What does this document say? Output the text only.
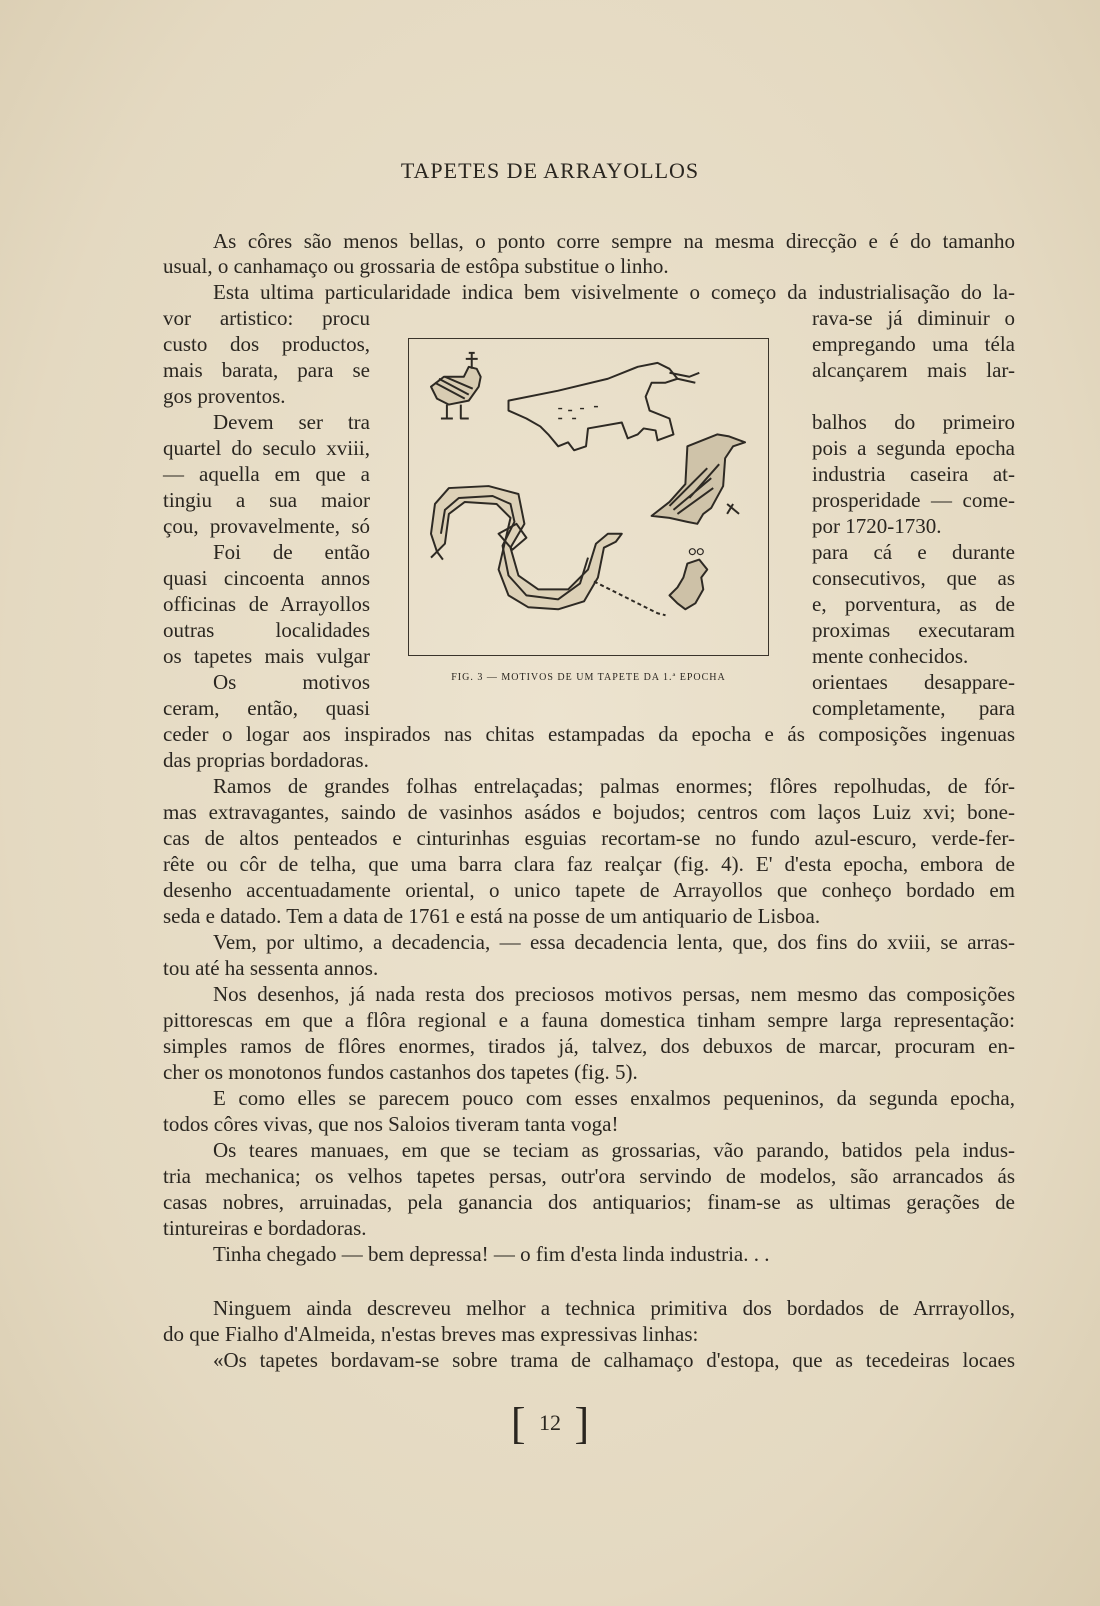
TAPETES DE ARRAYOLLOS
As côres são menos bellas, o ponto corre sempre na mesma direcção e é do tamanho
usual, o canhamaço ou grossaria de estôpa substitue o linho.
Esta ultima particularidade indica bem visivelmente o começo da industrialisação do la-
vor artistico: procu
custo dos productos,
mais barata, para se
gos proventos.
Devem ser tra
quartel do seculo xviii,
— aquella em que a
tingiu a sua maior
çou, provavelmente, só
Foi de então
quasi cincoenta annos
officinas de Arrayollos
outras localidades
os tapetes mais vulgar
Os motivos
ceram, então, quasi
rava-se já diminuir o
empregando uma téla
alcançarem mais lar-
balhos do primeiro
pois a segunda epocha
industria caseira at-
prosperidade — come-
por 1720-1730.
para cá e durante
consecutivos, que as
e, porventura, as de
proximas executaram
mente conhecidos.
orientaes desappare-
completamente, para
FIG. 3 — MOTIVOS DE UM TAPETE DA 1.ª EPOCHA
ceder o logar aos inspirados nas chitas estampadas da epocha e ás composições ingenuas
das proprias bordadoras.
Ramos de grandes folhas entrelaçadas; palmas enormes; flôres repolhudas, de fór-
mas extravagantes, saindo de vasinhos asádos e bojudos; centros com laços Luiz xvi; bone-
cas de altos penteados e cinturinhas esguias recortam-se no fundo azul-escuro, verde-fer-
rête ou côr de telha, que uma barra clara faz realçar (fig. 4). E' d'esta epocha, embora de
desenho accentuadamente oriental, o unico tapete de Arrayollos que conheço bordado em
seda e datado. Tem a data de 1761 e está na posse de um antiquario de Lisboa.
Vem, por ultimo, a decadencia, — essa decadencia lenta, que, dos fins do xviii, se arras-
tou até ha sessenta annos.
Nos desenhos, já nada resta dos preciosos motivos persas, nem mesmo das composições
pittorescas em que a flôra regional e a fauna domestica tinham sempre larga representação:
simples ramos de flôres enormes, tirados já, talvez, dos debuxos de marcar, procuram en-
cher os monotonos fundos castanhos dos tapetes (fig. 5).
E como elles se parecem pouco com esses enxalmos pequeninos, da segunda epocha,
todos côres vivas, que nos Saloios tiveram tanta voga!
Os teares manuaes, em que se teciam as grossarias, vão parando, batidos pela indus-
tria mechanica; os velhos tapetes persas, outr'ora servindo de modelos, são arrancados ás
casas nobres, arruinadas, pela ganancia dos antiquarios; finam-se as ultimas gerações de
tintureiras e bordadoras.
Tinha chegado — bem depressa! — o fim d'esta linda industria. . .
Ninguem ainda descreveu melhor a technica primitiva dos bordados de Arrrayollos,
do que Fialho d'Almeida, n'estas breves mas expressivas linhas:
«Os tapetes bordavam-se sobre trama de calhamaço d'estopa, que as tecedeiras locaes
[ 12 ]
